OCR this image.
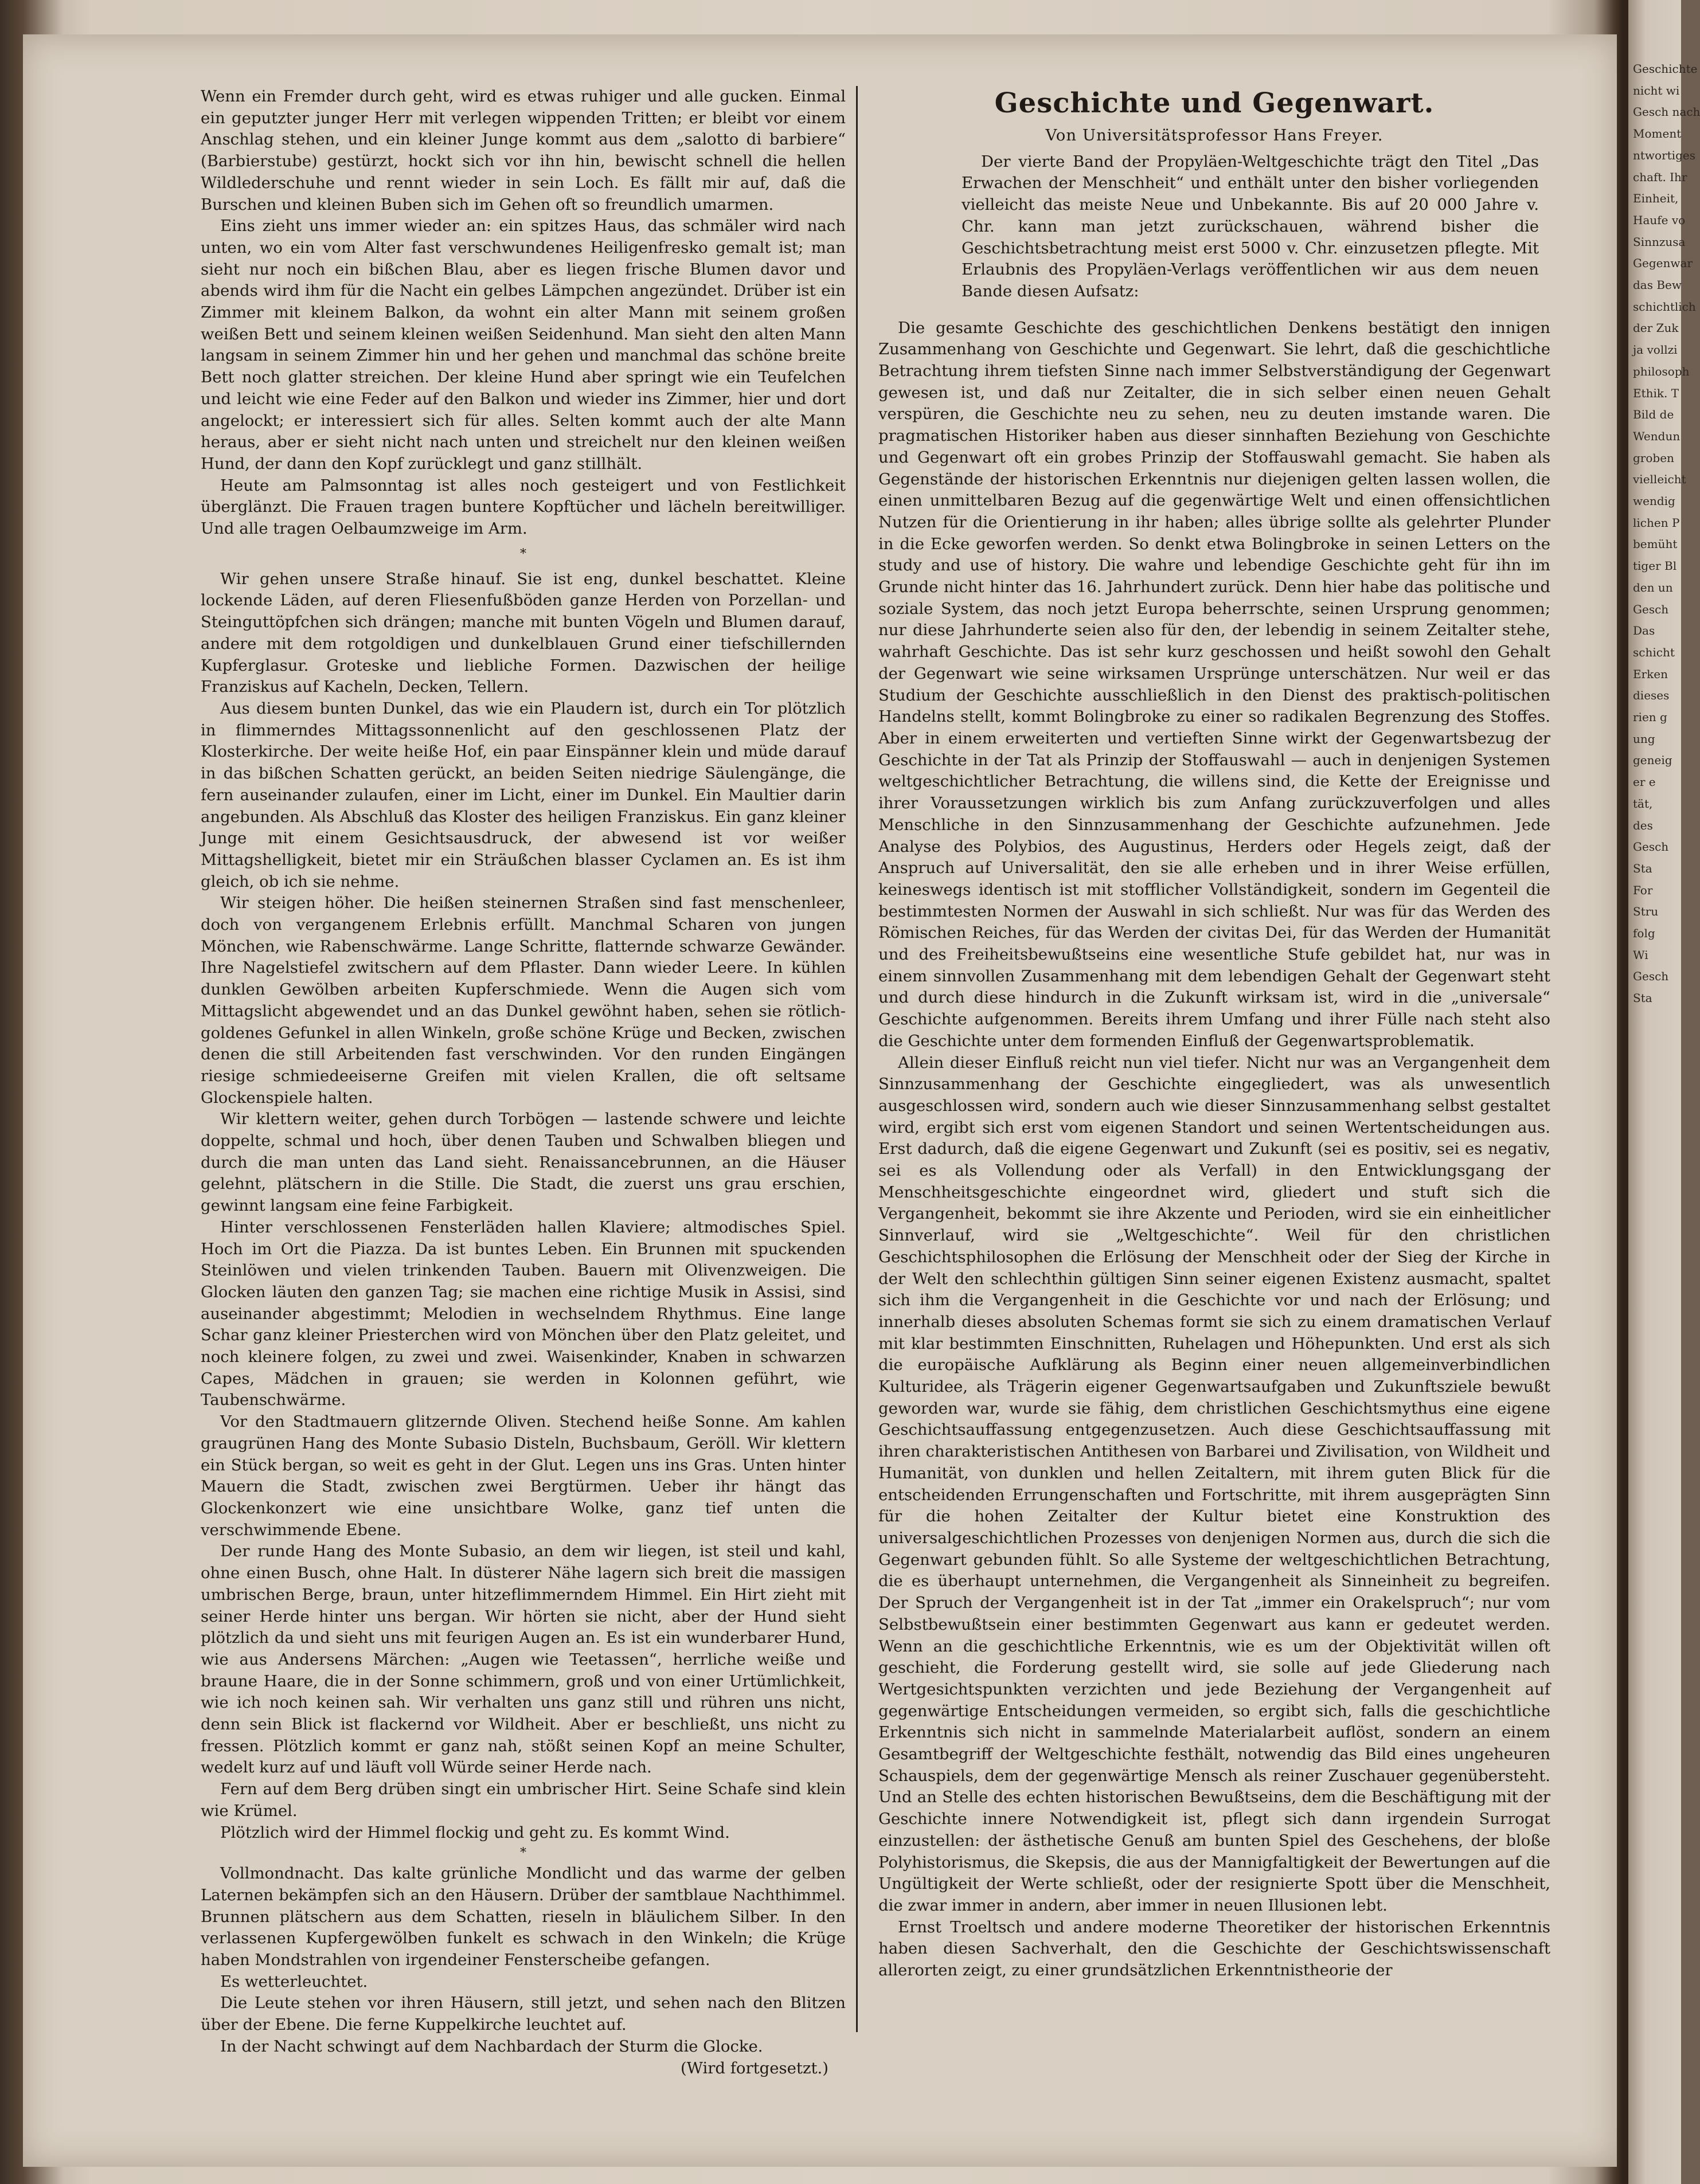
Wenn ein Fremder durch geht, wird es etwas ruhiger und alle gucken. Einmal ein geputzter junger Herr mit verlegen wippenden Tritten; er bleibt vor einem Anschlag stehen, und ein kleiner Junge kommt aus dem „salotto di barbiere“ (Barbierstube) gestürzt, hockt sich vor ihn hin, bewischt schnell die hellen Wildlederschuhe und rennt wieder in sein Loch. Es fällt mir auf, daß die Burschen und kleinen Buben sich im Gehen oft so freundlich umarmen.

Eins zieht uns immer wieder an: ein spitzes Haus, das schmäler wird nach unten, wo ein vom Alter fast verschwundenes Heiligenfresko gemalt ist; man sieht nur noch ein bißchen Blau, aber es liegen frische Blumen davor und abends wird ihm für die Nacht ein gelbes Lämpchen angezündet. Drüber ist ein Zimmer mit kleinem Balkon, da wohnt ein alter Mann mit seinem großen weißen Bett und seinem kleinen weißen Seidenhund. Man sieht den alten Mann langsam in seinem Zimmer hin und her gehen und manchmal das schöne breite Bett noch glatter streichen. Der kleine Hund aber springt wie ein Teufelchen und leicht wie eine Feder auf den Balkon und wieder ins Zimmer, hier und dort angelockt; er interessiert sich für alles. Selten kommt auch der alte Mann heraus, aber er sieht nicht nach unten und streichelt nur den kleinen weißen Hund, der dann den Kopf zurücklegt und ganz stillhält.

Heute am Palmsonntag ist alles noch gesteigert und von Festlichkeit überglänzt. Die Frauen tragen buntere Kopftücher und lächeln bereitwilliger. Und alle tragen Oelbaumzweige im Arm.

*

Wir gehen unsere Straße hinauf. Sie ist eng, dunkel beschattet. Kleine lockende Läden, auf deren Fliesenfußböden ganze Herden von Porzellan- und Steinguttöpfchen sich drängen; manche mit bunten Vögeln und Blumen darauf, andere mit dem rotgoldigen und dunkelblauen Grund einer tiefschillernden Kupferglasur. Groteske und liebliche Formen. Dazwischen der heilige Franziskus auf Kacheln, Decken, Tellern.

Aus diesem bunten Dunkel, das wie ein Plaudern ist, durch ein Tor plötzlich in flimmerndes Mittagssonnenlicht auf den geschlossenen Platz der Klosterkirche. Der weite heiße Hof, ein paar Einspänner klein und müde darauf in das bißchen Schatten gerückt, an beiden Seiten niedrige Säulengänge, die fern auseinander zulaufen, einer im Licht, einer im Dunkel. Ein Maultier darin angebunden. Als Abschluß das Kloster des heiligen Franziskus. Ein ganz kleiner Junge mit einem Gesichtsausdruck, der abwesend ist vor weißer Mittagshelligkeit, bietet mir ein Sträußchen blasser Cyclamen an. Es ist ihm gleich, ob ich sie nehme.

Wir steigen höher. Die heißen steinernen Straßen sind fast menschenleer, doch von vergangenem Erlebnis erfüllt. Manchmal Scharen von jungen Mönchen, wie Rabenschwärme. Lange Schritte, flatternde schwarze Gewänder. Ihre Nagelstiefel zwitschern auf dem Pflaster. Dann wieder Leere. In kühlen dunklen Gewölben arbeiten Kupferschmiede. Wenn die Augen sich vom Mittagslicht abgewendet und an das Dunkel gewöhnt haben, sehen sie rötlich-goldenes Gefunkel in allen Winkeln, große schöne Krüge und Becken, zwischen denen die still Arbeitenden fast verschwinden. Vor den runden Eingängen riesige schmiedeeiserne Greifen mit vielen Krallen, die oft seltsame Glockenspiele halten.

Wir klettern weiter, gehen durch Torbögen — lastende schwere und leichte doppelte, schmal und hoch, über denen Tauben und Schwalben bliegen und durch die man unten das Land sieht. Renaissancebrunnen, an die Häuser gelehnt, plätschern in die Stille. Die Stadt, die zuerst uns grau erschien, gewinnt langsam eine feine Farbigkeit.

Hinter verschlossenen Fensterläden hallen Klaviere; altmodisches Spiel. Hoch im Ort die Piazza. Da ist buntes Leben. Ein Brunnen mit spuckenden Steinlöwen und vielen trinkenden Tauben. Bauern mit Olivenzweigen. Die Glocken läuten den ganzen Tag; sie machen eine richtige Musik in Assisi, sind auseinander abgestimmt; Melodien in wechselndem Rhythmus. Eine lange Schar ganz kleiner Priesterchen wird von Mönchen über den Platz geleitet, und noch kleinere folgen, zu zwei und zwei. Waisenkinder, Knaben in schwarzen Capes, Mädchen in grauen; sie werden in Kolonnen geführt, wie Taubenschwärme.

Vor den Stadtmauern glitzernde Oliven. Stechend heiße Sonne. Am kahlen graugrünen Hang des Monte Subasio Disteln, Buchsbaum, Geröll. Wir klettern ein Stück bergan, so weit es geht in der Glut. Legen uns ins Gras. Unten hinter Mauern die Stadt, zwischen zwei Bergtürmen. Ueber ihr hängt das Glockenkonzert wie eine unsichtbare Wolke, ganz tief unten die verschwimmende Ebene.

Der runde Hang des Monte Subasio, an dem wir liegen, ist steil und kahl, ohne einen Busch, ohne Halt. In düsterer Nähe lagern sich breit die massigen umbrischen Berge, braun, unter hitzeflimmerndem Himmel. Ein Hirt zieht mit seiner Herde hinter uns bergan. Wir hörten sie nicht, aber der Hund sieht plötzlich da und sieht uns mit feurigen Augen an. Es ist ein wunderbarer Hund, wie aus Andersens Märchen: „Augen wie Teetassen“, herrliche weiße und braune Haare, die in der Sonne schimmern, groß und von einer Urtümlichkeit, wie ich noch keinen sah. Wir verhalten uns ganz still und rühren uns nicht, denn sein Blick ist flackernd vor Wildheit. Aber er beschließt, uns nicht zu fressen. Plötzlich kommt er ganz nah, stößt seinen Kopf an meine Schulter, wedelt kurz auf und läuft voll Würde seiner Herde nach.

Fern auf dem Berg drüben singt ein umbrischer Hirt. Seine Schafe sind klein wie Krümel.

Plötzlich wird der Himmel flockig und geht zu. Es kommt Wind.

*

Vollmondnacht. Das kalte grünliche Mondlicht und das warme der gelben Laternen bekämpfen sich an den Häusern. Drüber der samtblaue Nachthimmel. Brunnen plätschern aus dem Schatten, rieseln in bläulichem Silber. In den verlassenen Kupfergewölben funkelt es schwach in den Winkeln; die Krüge haben Mondstrahlen von irgendeiner Fensterscheibe gefangen.

Es wetterleuchtet.

Die Leute stehen vor ihren Häusern, still jetzt, und sehen nach den Blitzen über der Ebene. Die ferne Kuppelkirche leuchtet auf.

In der Nacht schwingt auf dem Nachbardach der Sturm die Glocke.

(Wird fortgesetzt.)
Geschichte und Gegenwart.
Von Universitätsprofessor Hans Freyer.

Der vierte Band der Propyläen-Weltgeschichte trägt den Titel „Das Erwachen der Menschheit“ und enthält unter den bisher vorliegenden vielleicht das meiste Neue und Unbekannte. Bis auf 20 000 Jahre v. Chr. kann man jetzt zurückschauen, während bisher die Geschichtsbetrachtung meist erst 5000 v. Chr. einzusetzen pflegte. Mit Erlaubnis des Propyläen-Verlags veröffentlichen wir aus dem neuen Bande diesen Aufsatz:

Die gesamte Geschichte des geschichtlichen Denkens bestätigt den innigen Zusammenhang von Geschichte und Gegenwart. Sie lehrt, daß die geschichtliche Betrachtung ihrem tiefsten Sinne nach immer Selbstverständigung der Gegenwart gewesen ist, und daß nur Zeitalter, die in sich selber einen neuen Gehalt verspüren, die Geschichte neu zu sehen, neu zu deuten imstande waren. Die pragmatischen Historiker haben aus dieser sinnhaften Beziehung von Geschichte und Gegenwart oft ein grobes Prinzip der Stoffauswahl gemacht. Sie haben als Gegenstände der historischen Erkenntnis nur diejenigen gelten lassen wollen, die einen unmittelbaren Bezug auf die gegenwärtige Welt und einen offensichtlichen Nutzen für die Orientierung in ihr haben; alles übrige sollte als gelehrter Plunder in die Ecke geworfen werden. So denkt etwa Bolingbroke in seinen Letters on the study and use of history. Die wahre und lebendige Geschichte geht für ihn im Grunde nicht hinter das 16. Jahrhundert zurück. Denn hier habe das politische und soziale System, das noch jetzt Europa beherrschte, seinen Ursprung genommen; nur diese Jahrhunderte seien also für den, der lebendig in seinem Zeitalter stehe, wahrhaft Geschichte. Das ist sehr kurz geschossen und heißt sowohl den Gehalt der Gegenwart wie seine wirksamen Ursprünge unterschätzen. Nur weil er das Studium der Geschichte ausschließlich in den Dienst des praktisch-politischen Handelns stellt, kommt Bolingbroke zu einer so radikalen Begrenzung des Stoffes. Aber in einem erweiterten und vertieften Sinne wirkt der Gegenwartsbezug der Geschichte in der Tat als Prinzip der Stoffauswahl — auch in denjenigen Systemen weltgeschichtlicher Betrachtung, die willens sind, die Kette der Ereignisse und ihrer Voraussetzungen wirklich bis zum Anfang zurückzuverfolgen und alles Menschliche in den Sinnzusammenhang der Geschichte aufzunehmen. Jede Analyse des Polybios, des Augustinus, Herders oder Hegels zeigt, daß der Anspruch auf Universalität, den sie alle erheben und in ihrer Weise erfüllen, keineswegs identisch ist mit stofflicher Vollständigkeit, sondern im Gegenteil die bestimmtesten Normen der Auswahl in sich schließt. Nur was für das Werden des Römischen Reiches, für das Werden der civitas Dei, für das Werden der Humanität und des Freiheitsbewußtseins eine wesentliche Stufe gebildet hat, nur was in einem sinnvollen Zusammenhang mit dem lebendigen Gehalt der Gegenwart steht und durch diese hindurch in die Zukunft wirksam ist, wird in die „universale“ Geschichte aufgenommen. Bereits ihrem Umfang und ihrer Fülle nach steht also die Geschichte unter dem formenden Einfluß der Gegenwartsproblematik.

Allein dieser Einfluß reicht nun viel tiefer. Nicht nur was an Vergangenheit dem Sinnzusammenhang der Geschichte eingegliedert, was als unwesentlich ausgeschlossen wird, sondern auch wie dieser Sinnzusammenhang selbst gestaltet wird, ergibt sich erst vom eigenen Standort und seinen Wertentscheidungen aus. Erst dadurch, daß die eigene Gegenwart und Zukunft (sei es positiv, sei es negativ, sei es als Vollendung oder als Verfall) in den Entwicklungsgang der Menschheitsgeschichte eingeordnet wird, gliedert und stuft sich die Vergangenheit, bekommt sie ihre Akzente und Perioden, wird sie ein einheitlicher Sinnverlauf, wird sie „Weltgeschichte“. Weil für den christlichen Geschichtsphilosophen die Erlösung der Menschheit oder der Sieg der Kirche in der Welt den schlechthin gültigen Sinn seiner eigenen Existenz ausmacht, spaltet sich ihm die Vergangenheit in die Geschichte vor und nach der Erlösung; und innerhalb dieses absoluten Schemas formt sie sich zu einem dramatischen Verlauf mit klar bestimmten Einschnitten, Ruhelagen und Höhepunkten. Und erst als sich die europäische Aufklärung als Beginn einer neuen allgemeinverbindlichen Kulturidee, als Trägerin eigener Gegenwartsaufgaben und Zukunftsziele bewußt geworden war, wurde sie fähig, dem christlichen Geschichtsmythus eine eigene Geschichtsauffassung entgegenzusetzen. Auch diese Geschichtsauffassung mit ihren charakteristischen Antithesen von Barbarei und Zivilisation, von Wildheit und Humanität, von dunklen und hellen Zeitaltern, mit ihrem guten Blick für die entscheidenden Errungenschaften und Fortschritte, mit ihrem ausgeprägten Sinn für die hohen Zeitalter der Kultur bietet eine Konstruktion des universalgeschichtlichen Prozesses von denjenigen Normen aus, durch die sich die Gegenwart gebunden fühlt. So alle Systeme der weltgeschichtlichen Betrachtung, die es überhaupt unternehmen, die Vergangenheit als Sinneinheit zu begreifen. Der Spruch der Vergangenheit ist in der Tat „immer ein Orakelspruch“; nur vom Selbstbewußtsein einer bestimmten Gegenwart aus kann er gedeutet werden. Wenn an die geschichtliche Erkenntnis, wie es um der Objektivität willen oft geschieht, die Forderung gestellt wird, sie solle auf jede Gliederung nach Wertgesichtspunkten verzichten und jede Beziehung der Vergangenheit auf gegenwärtige Entscheidungen vermeiden, so ergibt sich, falls die geschichtliche Erkenntnis sich nicht in sammelnde Materialarbeit auflöst, sondern an einem Gesamtbegriff der Weltgeschichte festhält, notwendig das Bild eines ungeheuren Schauspiels, dem der gegenwärtige Mensch als reiner Zuschauer gegenübersteht. Und an Stelle des echten historischen Bewußtseins, dem die Beschäftigung mit der Geschichte innere Notwendigkeit ist, pflegt sich dann irgendein Surrogat einzustellen: der ästhetische Genuß am bunten Spiel des Geschehens, der bloße Polyhistorismus, die Skepsis, die aus der Mannigfaltigkeit der Bewertungen auf die Ungültigkeit der Werte schließt, oder der resignierte Spott über die Menschheit, die zwar immer in andern, aber immer in neuen Illusionen lebt.

Ernst Troeltsch und andere moderne Theoretiker der historischen Erkenntnis haben diesen Sachverhalt, den die Geschichte der Geschichtswissenschaft allerorten zeigt, zu einer grundsätzlichen Erkenntnistheorie der

Geschichte
nicht wi
Gesch nach
Moment
ntwortiges
chaft. Ihr
Einheit,
Haufe vo
Sinnzusa
Gegenwar
das Bew
schichtlich
der Zuk
ja vollzi
philosoph
Ethik. T
Bild de
Wendun
groben
vielleicht
wendig
lichen P
bemüht
tiger Bl
den un
Gesch
Das
schicht
Erken
dieses
rien g
ung
geneig
er e
tät,
des
Gesch
Sta
For
Stru
folg
Wi
Gesch
Sta
